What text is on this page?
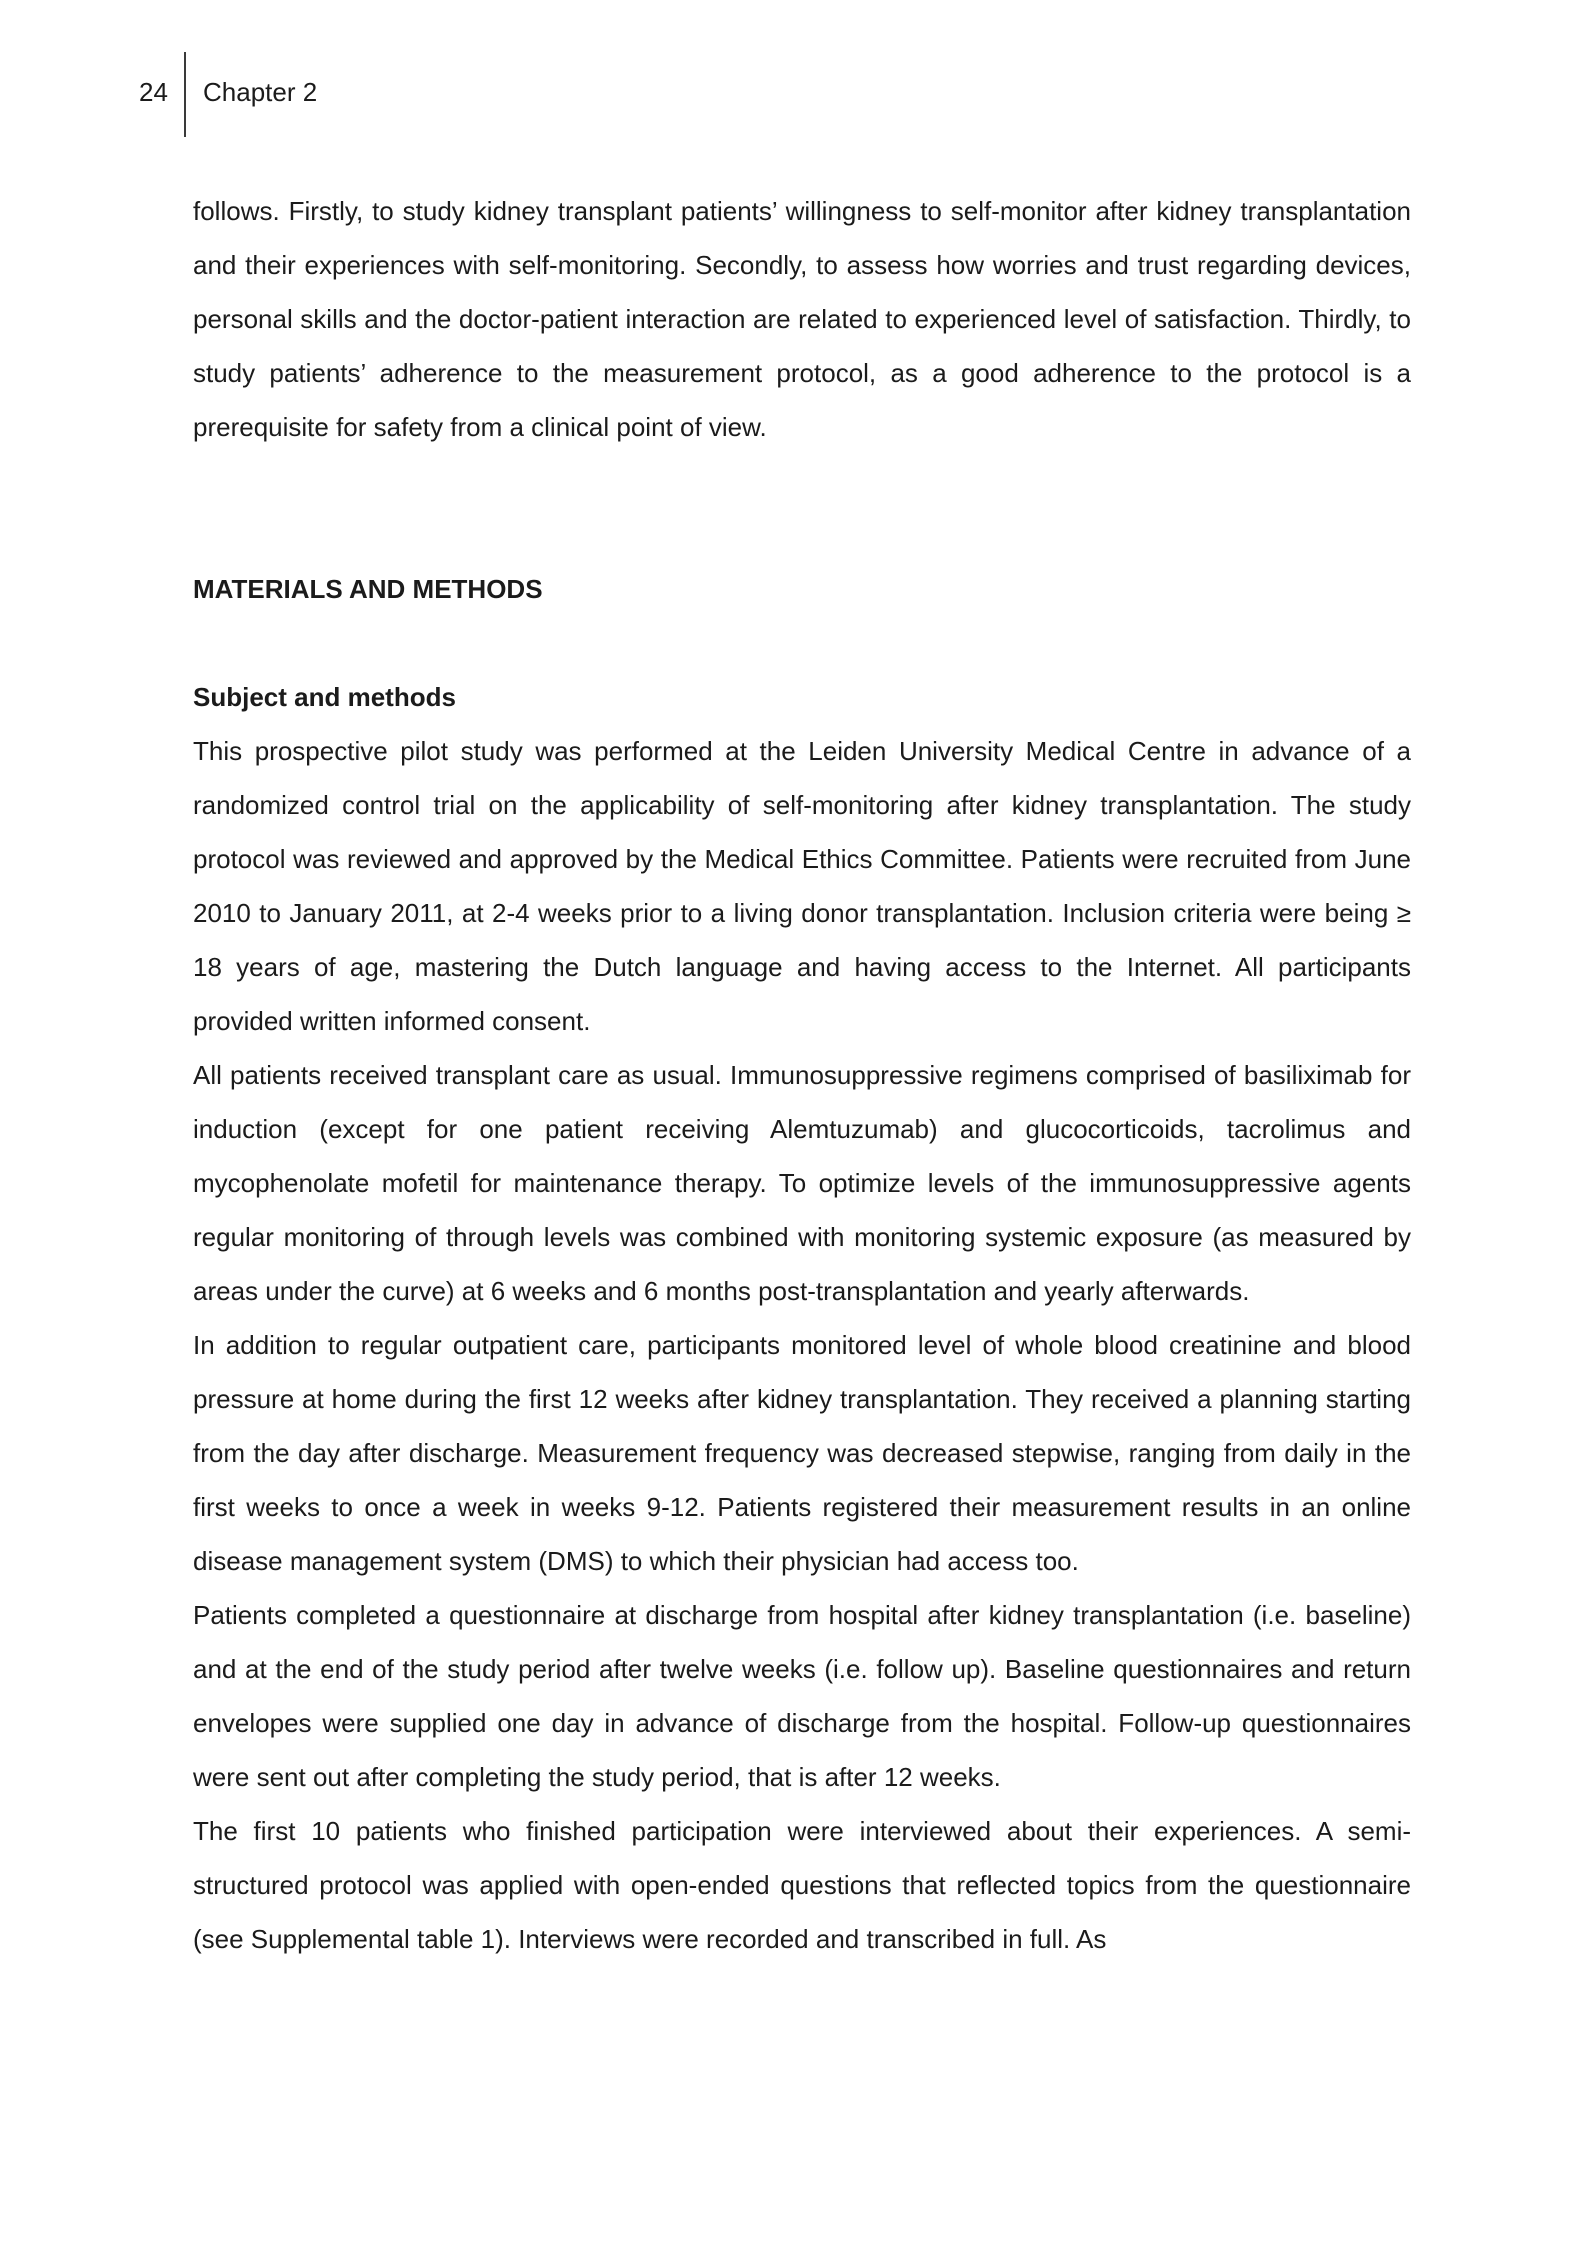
24 Chapter 2

follows. Firstly, to study kidney transplant patients’ willingness to self-monitor after kidney transplantation and their experiences with self-monitoring. Secondly, to assess how worries and trust regarding devices, personal skills and the doctor-patient interaction are related to experienced level of satisfaction. Thirdly, to study patients’ adherence to the measurement protocol, as a good adherence to the protocol is a prerequisite for safety from a clinical point of view.

MATERIALS AND METHODS
Subject and methods

This prospective pilot study was performed at the Leiden University Medical Centre in advance of a randomized control trial on the applicability of self-monitoring after kidney transplantation. The study protocol was reviewed and approved by the Medical Ethics Committee. Patients were recruited from June 2010 to January 2011, at 2-4 weeks prior to a living donor transplantation. Inclusion criteria were being ≥ 18 years of age, mastering the Dutch language and having access to the Internet. All participants provided written informed consent.

All patients received transplant care as usual. Immunosuppressive regimens comprised of basiliximab for induction (except for one patient receiving Alemtuzumab) and glucocorticoids, tacrolimus and mycophenolate mofetil for maintenance therapy. To optimize levels of the immunosuppressive agents regular monitoring of through levels was combined with monitoring systemic exposure (as measured by areas under the curve) at 6 weeks and 6 months post-transplantation and yearly afterwards.

In addition to regular outpatient care, participants monitored level of whole blood creatinine and blood pressure at home during the first 12 weeks after kidney transplantation. They received a planning starting from the day after discharge. Measurement frequency was decreased stepwise, ranging from daily in the first weeks to once a week in weeks 9-12. Patients registered their measurement results in an online disease management system (DMS) to which their physician had access too.

Patients completed a questionnaire at discharge from hospital after kidney transplantation (i.e. baseline) and at the end of the study period after twelve weeks (i.e. follow up). Baseline questionnaires and return envelopes were supplied one day in advance of discharge from the hospital. Follow-up questionnaires were sent out after completing the study period, that is after 12 weeks.

The first 10 patients who finished participation were interviewed about their experiences. A semi-structured protocol was applied with open-ended questions that reflected topics from the questionnaire (see Supplemental table 1). Interviews were recorded and transcribed in full. As
